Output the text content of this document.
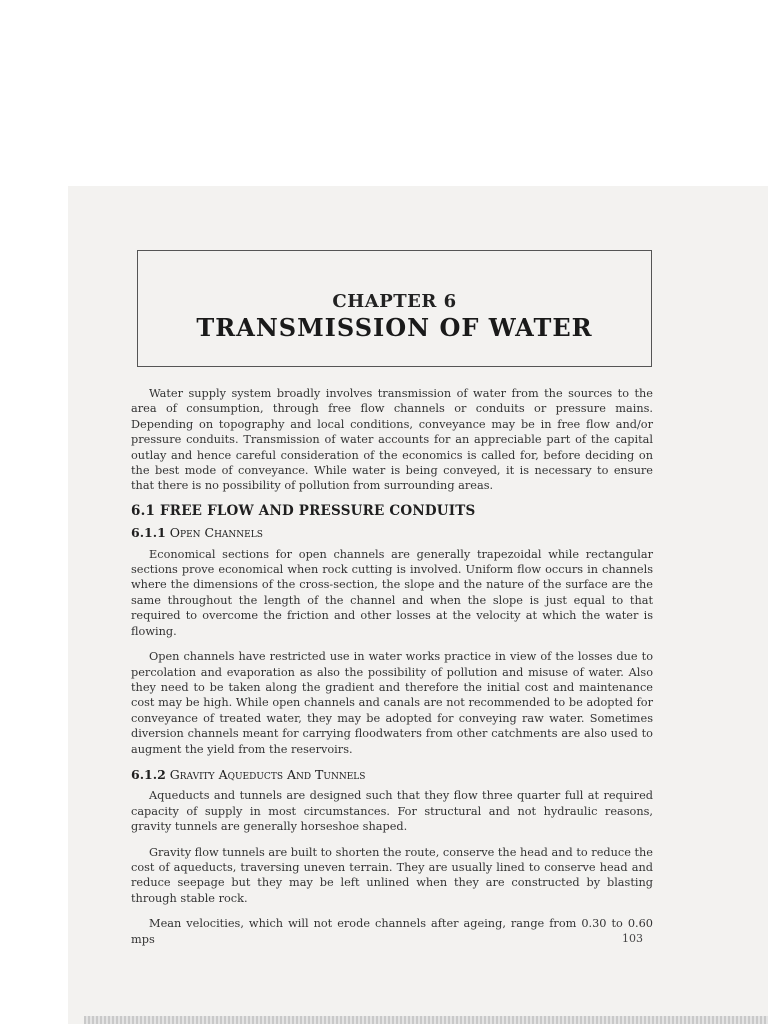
CHAPTER 6
TRANSMISSION OF WATER

Water supply system broadly involves transmission of water from the sources to the area of consumption, through free flow channels or conduits or pressure mains. Depending on topography and local conditions, conveyance may be in free flow and/or pressure conduits. Transmission of water accounts for an appreciable part of the capital outlay and hence careful consideration of the economics is called for, before deciding on the best mode of conveyance. While water is being conveyed, it is necessary to ensure that there is no possibility of pollution from surrounding areas.

6.1 FREE FLOW AND PRESSURE CONDUITS
6.1.1 Open Channels

Economical sections for open channels are generally trapezoidal while rectangular sections prove economical when rock cutting is involved. Uniform flow occurs in channels where the dimensions of the cross-section, the slope and the nature of the surface are the same throughout the length of the channel and when the slope is just equal to that required to overcome the friction and other losses at the velocity at which the water is flowing.

Open channels have restricted use in water works practice in view of the losses due to percolation and evaporation as also the possibility of pollution and misuse of water. Also they need to be taken along the gradient and therefore the initial cost and maintenance cost may be high. While open channels and canals are not recommended to be adopted for conveyance of treated water, they may be adopted for conveying raw water. Sometimes diversion channels meant for carrying floodwaters from other catchments are also used to augment the yield from the reservoirs.

6.1.2 Gravity Aqueducts And Tunnels

Aqueducts and tunnels are designed such that they flow three quarter full at required capacity of supply in most circumstances. For structural and not hydraulic reasons, gravity tunnels are generally horseshoe shaped.

Gravity flow tunnels are built to shorten the route, conserve the head and to reduce the cost of aqueducts, traversing uneven terrain. They are usually lined to conserve head and reduce seepage but they may be left unlined when they are constructed by blasting through stable rock.

Mean velocities, which will not erode channels after ageing, range from 0.30 to 0.60 mps	103
